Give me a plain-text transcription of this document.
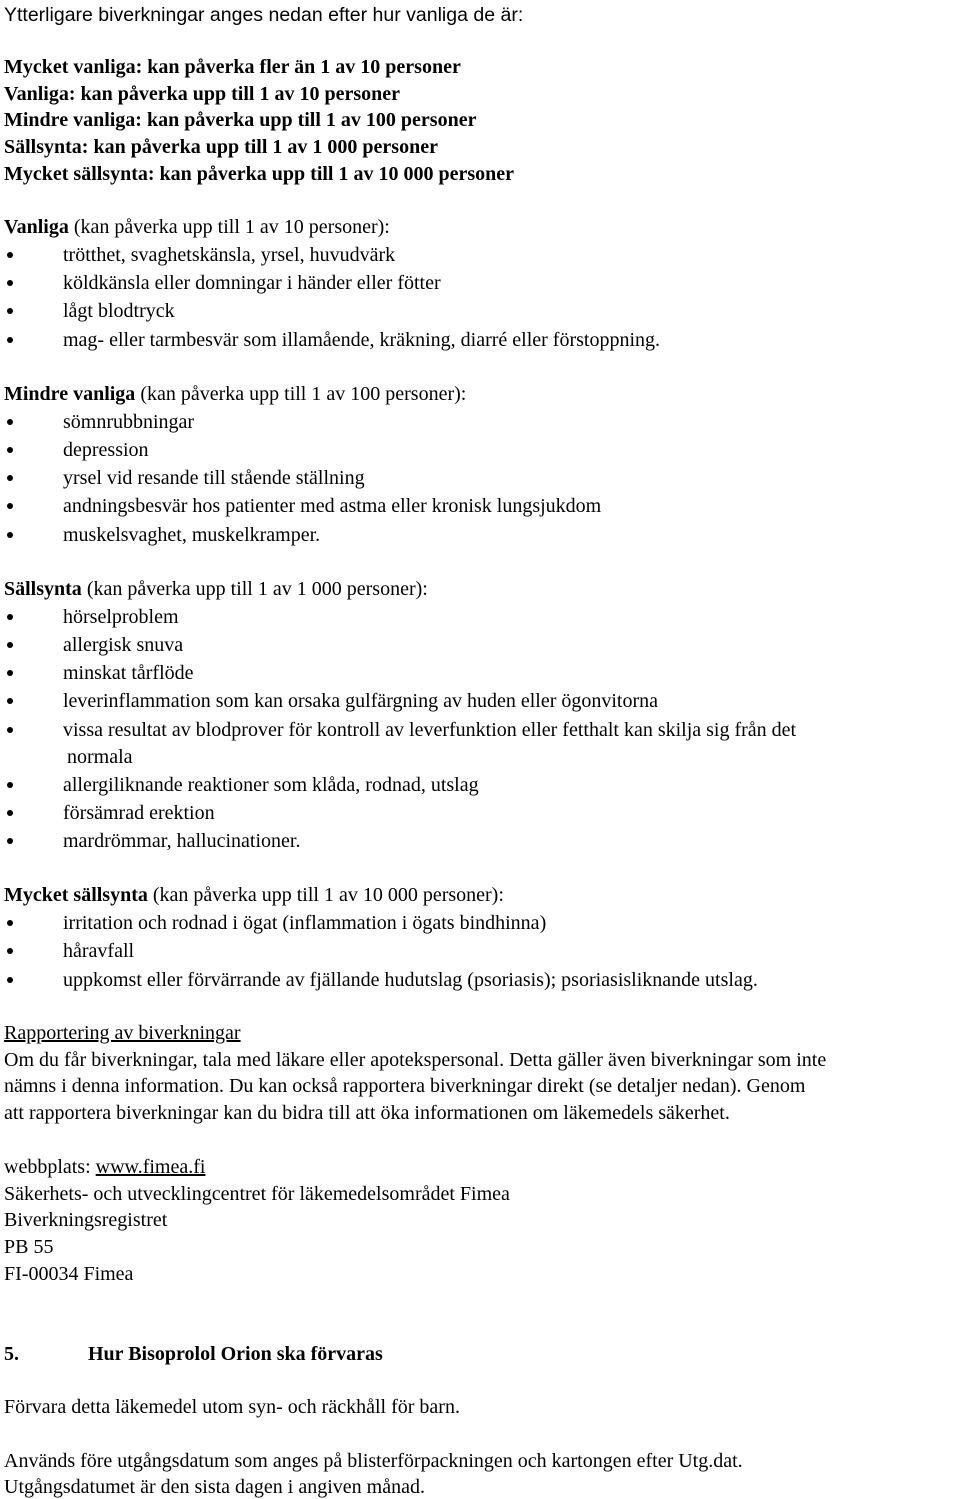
Ytterligare biverkningar anges nedan efter hur vanliga de är:
Mycket vanliga: kan påverka fler än 1 av 10 personer
Vanliga: kan påverka upp till 1 av 10 personer
Mindre vanliga: kan påverka upp till 1 av 100 personer
Sällsynta: kan påverka upp till 1 av 1 000 personer
Mycket sällsynta: kan påverka upp till 1 av 10 000 personer
Vanliga (kan påverka upp till 1 av 10 personer):
trötthet, svaghetskänsla, yrsel, huvudvärk
köldkänsla eller domningar i händer eller fötter
lågt blodtryck
mag- eller tarmbesvär som illamående, kräkning, diarré eller förstoppning.
Mindre vanliga (kan påverka upp till 1 av 100 personer):
sömnrubbningar
depression
yrsel vid resande till stående ställning
andningsbesvär hos patienter med astma eller kronisk lungsjukdom
muskelsvaghet, muskelkramper.
Sällsynta (kan påverka upp till 1 av 1 000 personer):
hörselproblem
allergisk snuva
minskat tårflöde
leverinflammation som kan orsaka gulfärgning av huden eller ögonvitorna
vissa resultat av blodprover för kontroll av leverfunktion eller fetthalt kan skilja sig från det
normala
allergiliknande reaktioner som klåda, rodnad, utslag
försämrad erektion
mardrömmar, hallucinationer.
Mycket sällsynta (kan påverka upp till 1 av 10 000 personer):
irritation och rodnad i ögat (inflammation i ögats bindhinna)
håravfall
uppkomst eller förvärrande av fjällande hudutslag (psoriasis); psoriasisliknande utslag.
Rapportering av biverkningar
Om du får biverkningar, tala med läkare eller apotekspersonal. Detta gäller även biverkningar som inte
nämns i denna information. Du kan också rapportera biverkningar direkt (se detaljer nedan). Genom
att rapportera biverkningar kan du bidra till att öka informationen om läkemedels säkerhet.
webbplats: www.fimea.fi
Säkerhets- och utvecklingcentret för läkemedelsområdet Fimea
Biverkningsregistret
PB 55
FI-00034 Fimea
5.	Hur Bisoprolol Orion ska förvaras
Förvara detta läkemedel utom syn- och räckhåll för barn.
Används före utgångsdatum som anges på blisterförpackningen och kartongen efter Utg.dat.
Utgångsdatumet är den sista dagen i angiven månad.
